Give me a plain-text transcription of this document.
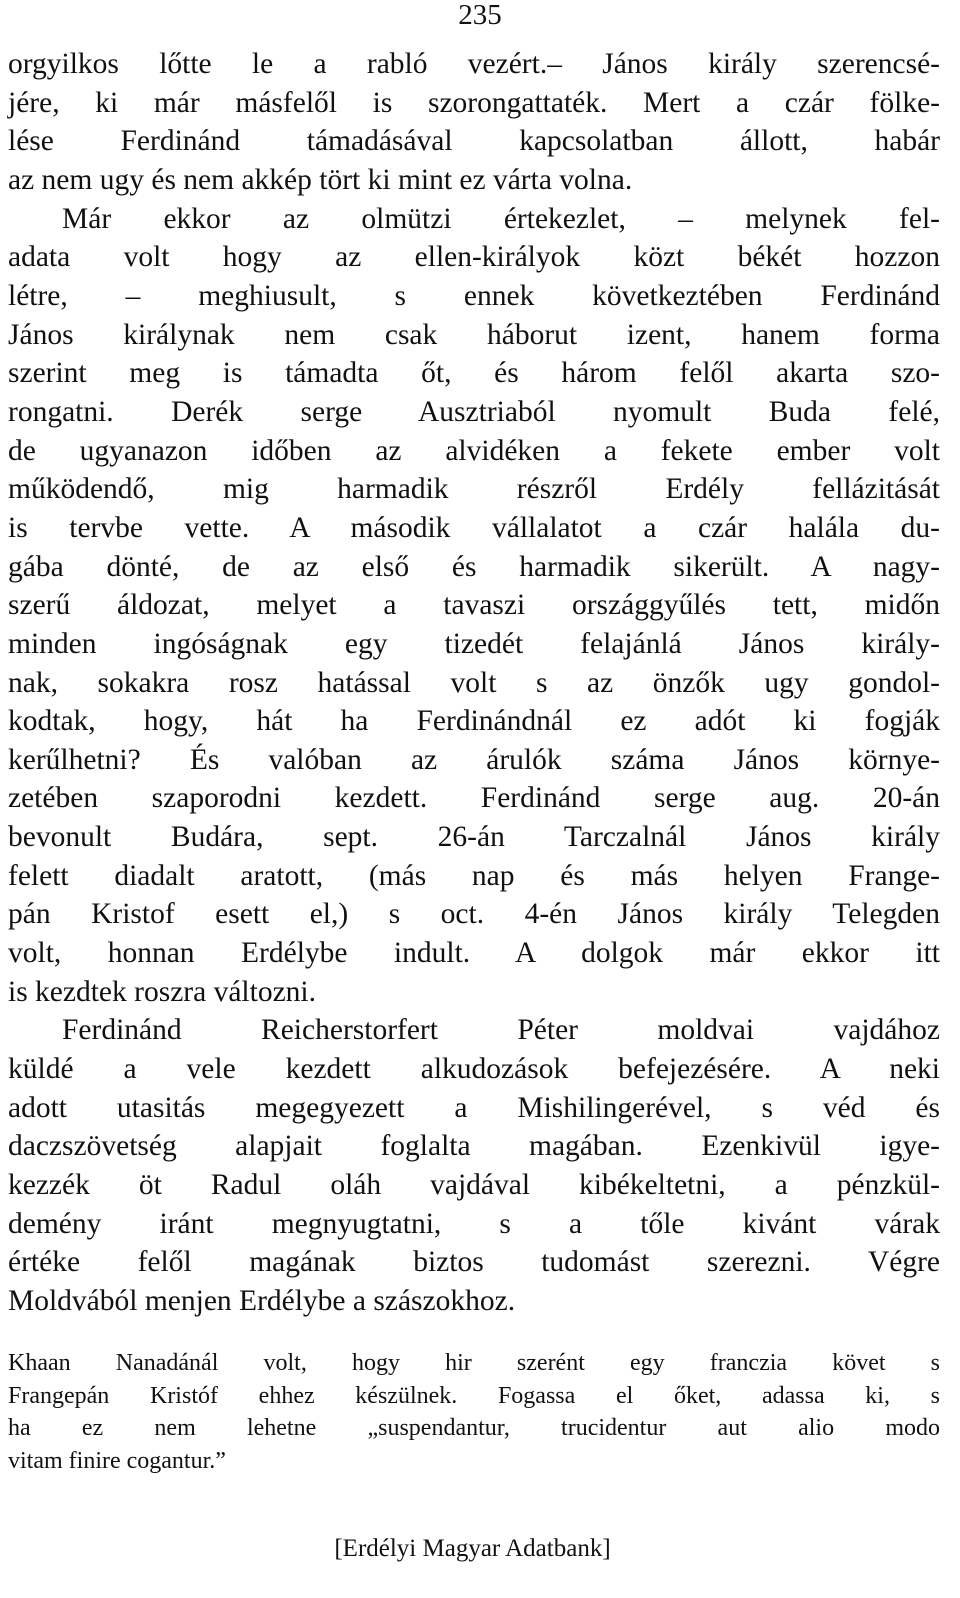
235

orgyilkos lőtte le a rabló vezért.– János király szerencsé-
jére, ki már másfelől is szorongattaték. Mert a czár fölke-
lése Ferdinánd támadásával kapcsolatban állott, habár
az nem ugy és nem akkép tört ki mint ez várta volna.

Már ekkor az olmützi értekezlet, – melynek fel-
adata volt hogy az ellen-királyok közt békét hozzon
létre, – meghiusult, s ennek következtében Ferdinánd
János királynak nem csak háborut izent, hanem forma
szerint meg is támadta őt, és három felől akarta szo-
rongatni. Derék serge Ausztriaból nyomult Buda felé,
de ugyanazon időben az alvidéken a fekete ember volt
működendő, mig harmadik részről Erdély fellázitását
is tervbe vette. A második vállalatot a czár halála du-
gába dönté, de az első és harmadik sikerült. A nagy-
szerű áldozat, melyet a tavaszi országgyűlés tett, midőn
minden ingóságnak egy tizedét felajánlá János király-
nak, sokakra rosz hatással volt s az önzők ugy gondol-
kodtak, hogy, hát ha Ferdinándnál ez adót ki fogják
kerűlhetni? És valóban az árulók száma János környe-
zetében szaporodni kezdett. Ferdinánd serge aug. 20-án
bevonult Budára, sept. 26-án Tarczalnál János király
felett diadalt aratott, (más nap és más helyen Frange-
pán Kristof esett el,) s oct. 4-én János király Telegden
volt, honnan Erdélybe indult. A dolgok már ekkor itt
is kezdtek roszra változni.

Ferdinánd Reicherstorfert Péter moldvai vajdához
küldé a vele kezdett alkudozások befejezésére. A neki
adott utasitás megegyezett a Mishilingerével, s véd és
daczszövetség alapjait foglalta magában. Ezenkivül igye-
kezzék öt Radul oláh vajdával kibékeltetni, a pénzkül-
demény iránt megnyugtatni, s a tőle kivánt várak
értéke felől magának biztos tudomást szerezni. Végre
Moldvából menjen Erdélybe a szászokhoz.

Khaan Nanadánál volt, hogy hir szerént egy franczia követ s
Frangepán Kristóf ehhez készülnek. Fogassa el őket, adassa ki, s
ha ez nem lehetne „suspendantur, trucidentur aut alio modo
vitam finire cogantur.”

[Erdélyi Magyar Adatbank]
